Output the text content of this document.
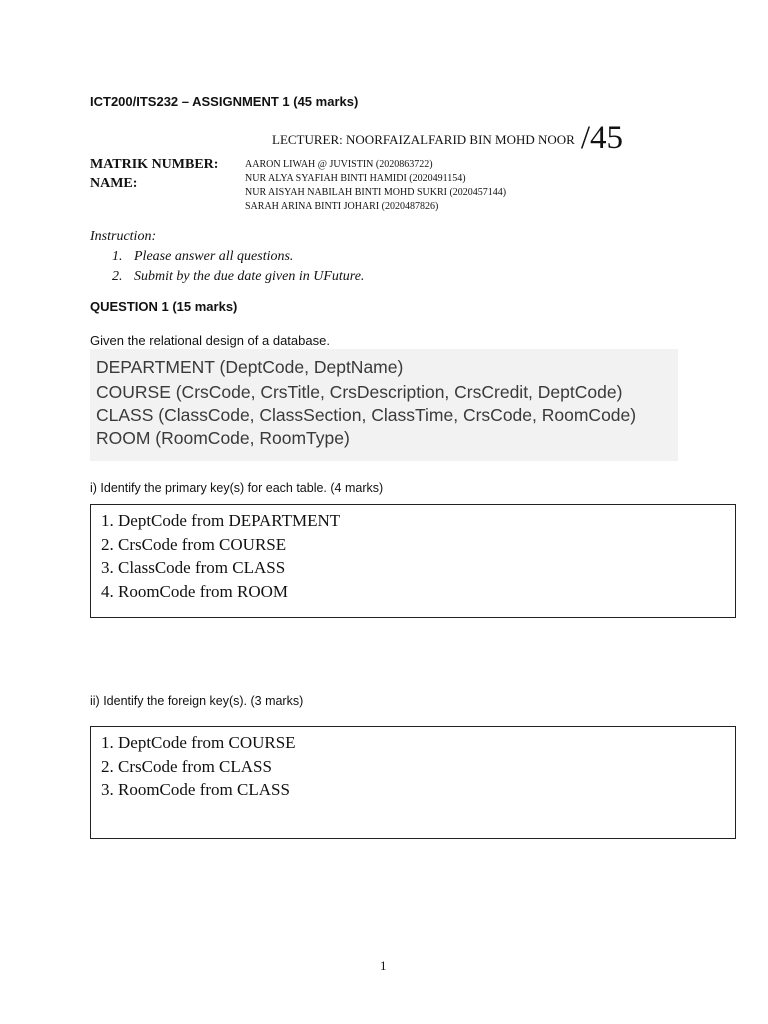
ICT200/ITS232 – ASSIGNMENT 1 (45 marks)
LECTURER: NOORFAIZALFARID BIN MOHD NOOR /45
MATRIK NUMBER:
NAME:
AARON LIWAH @ JUVISTIN (2020863722)
NUR ALYA SYAFIAH BINTI HAMIDI (2020491154)
NUR AISYAH NABILAH BINTI MOHD SUKRI (2020457144)
SARAH ARINA BINTI JOHARI (2020487826)
Instruction:
1. Please answer all questions.
2. Submit by the due date given in UFuture.
QUESTION 1 (15 marks)
Given the relational design of a database.
DEPARTMENT (DeptCode, DeptName)
COURSE (CrsCode, CrsTitle, CrsDescription, CrsCredit, DeptCode)
CLASS (ClassCode, ClassSection, ClassTime, CrsCode, RoomCode)
ROOM (RoomCode, RoomType)
i) Identify the primary key(s) for each table. (4 marks)
1. DeptCode from DEPARTMENT
2. CrsCode from COURSE
3. ClassCode from CLASS
4. RoomCode from ROOM
ii) Identify the foreign key(s). (3 marks)
1. DeptCode from COURSE
2. CrsCode from CLASS
3. RoomCode from CLASS
1
